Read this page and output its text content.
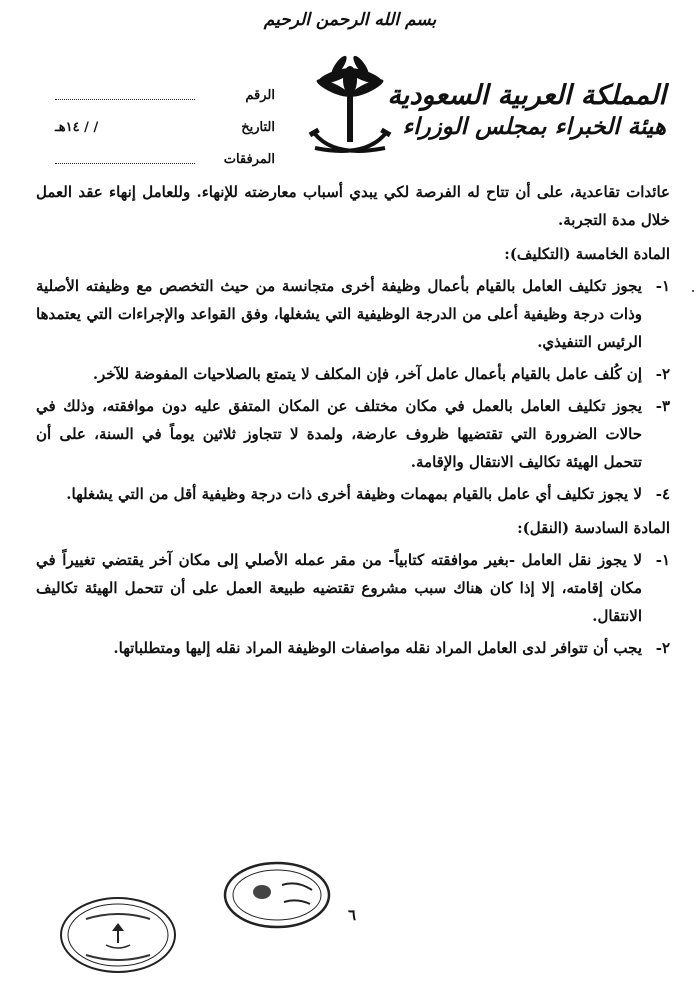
بسم الله الرحمن الرحيم
المملكة العربية السعودية
هيئة الخبراء بمجلس الوزراء
الرقم
التاريخ
/ / ١٤هـ
المرفقات

عائدات تقاعدية، على أن تتاح له الفرصة لكي يبدي أسباب معارضته للإنهاء. وللعامل إنهاء عقد العمل خلال مدة التجربة.

المادة الخامسة (التكليف):
١-
يجوز تكليف العامل بالقيام بأعمال وظيفة أخرى متجانسة من حيث التخصص مع وظيفته الأصلية وذات درجة وظيفية أعلى من الدرجة الوظيفية التي يشغلها، وفق القواعد والإجراءات التي يعتمدها الرئيس التنفيذي.
٢-
إن كُلف عامل بالقيام بأعمال عامل آخر، فإن المكلف لا يتمتع بالصلاحيات المفوضة للآخر.
٣-
يجوز تكليف العامل بالعمل في مكان مختلف عن المكان المتفق عليه دون موافقته، وذلك في حالات الضرورة التي تقتضيها ظروف عارضة، ولمدة لا تتجاوز ثلاثين يوماً في السنة، على أن تتحمل الهيئة تكاليف الانتقال والإقامة.
٤-
لا يجوز تكليف أي عامل بالقيام بمهمات وظيفة أخرى ذات درجة وظيفية أقل من التي يشغلها.
المادة السادسة (النقل):
١-
لا يجوز نقل العامل -بغير موافقته كتابياً- من مقر عمله الأصلي إلى مكان آخر يقتضي تغييراً في مكان إقامته، إلا إذا كان هناك سبب مشروع تقتضيه طبيعة العمل على أن تتحمل الهيئة تكاليف الانتقال.
٢-
يجب أن تتوافر لدى العامل المراد نقله مواصفات الوظيفة المراد نقله إليها ومتطلباتها.
٦
